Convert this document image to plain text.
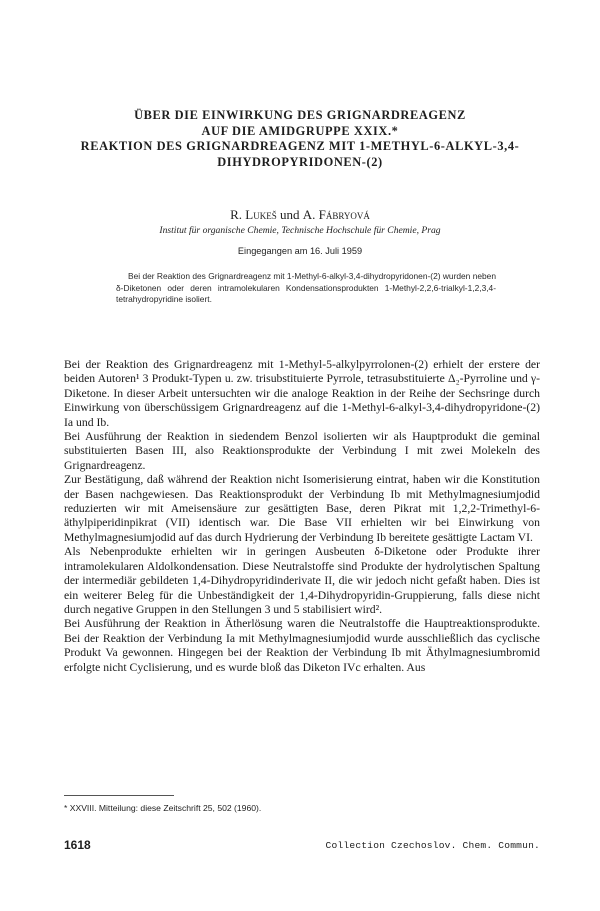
ÜBER DIE EINWIRKUNG DES GRIGNARDREAGENZ
AUF DIE AMIDGRUPPE XXIX.*
REAKTION DES GRIGNARDREAGENZ MIT 1-METHYL-6-ALKYL-3,4-
DIHYDROPYRIDONEN-(2)
R. Lukeš und A. Fábryová
Institut für organische Chemie, Technische Hochschule für Chemie, Prag
Eingegangen am 16. Juli 1959
Bei der Reaktion des Grignardreagenz mit 1-Methyl-6-alkyl-3,4-dihydropyridonen-(2) wurden neben δ-Diketonen oder deren intramolekularen Kondensationsprodukten 1-Methyl-2,2,6-trialkyl-1,2,3,4-tetrahydropyridine isoliert.

Bei der Reaktion des Grignardreagenz mit 1-Methyl-5-alkylpyrrolonen-(2) erhielt der erstere der beiden Autoren¹ 3 Produkt-Typen u. zw. trisubstituierte Pyrrole, tetrasubstituierte Δ₂-Pyrroline und γ-Diketone. In dieser Arbeit untersuchten wir die analoge Reaktion in der Reihe der Sechsringe durch Einwirkung von überschüssigem Grignardreagenz auf die 1-Methyl-6-alkyl-3,4-dihydropyridone-(2) Ia und Ib.

Bei Ausführung der Reaktion in siedendem Benzol isolierten wir als Hauptprodukt die geminal substituierten Basen III, also Reaktionsprodukte der Verbindung I mit zwei Molekeln des Grignardreagenz.

Zur Bestätigung, daß während der Reaktion nicht Isomerisierung eintrat, haben wir die Konstitution der Basen nachgewiesen. Das Reaktionsprodukt der Verbindung Ib mit Methylmagnesiumjodid reduzierten wir mit Ameisensäure zur gesättigten Base, deren Pikrat mit 1,2,2-Trimethyl-6-äthylpiperidinpikrat (VII) identisch war. Die Base VII erhielten wir bei Einwirkung von Methylmagnesiumjodid auf das durch Hydrierung der Verbindung Ib bereitete gesättigte Lactam VI.

Als Nebenprodukte erhielten wir in geringen Ausbeuten δ-Diketone oder Produkte ihrer intramolekularen Aldolkondensation. Diese Neutralstoffe sind Produkte der hydrolytischen Spaltung der intermediär gebildeten 1,4-Dihydropyridinderivate II, die wir jedoch nicht gefaßt haben. Dies ist ein weiterer Beleg für die Unbeständigkeit der 1,4-Dihydropyridin-Gruppierung, falls diese nicht durch negative Gruppen in den Stellungen 3 und 5 stabilisiert wird².

Bei Ausführung der Reaktion in Ätherlösung waren die Neutralstoffe die Hauptreaktionsprodukte. Bei der Reaktion der Verbindung Ia mit Methylmagnesiumjodid wurde ausschließlich das cyclische Produkt Va gewonnen. Hingegen bei der Reaktion der Verbindung Ib mit Äthylmagnesiumbromid erfolgte nicht Cyclisierung, und es wurde bloß das Diketon IVc erhalten. Aus

* XXVIII. Mitteilung: diese Zeitschrift 25, 502 (1960).
1618	Collection Czechoslov. Chem. Commun.
